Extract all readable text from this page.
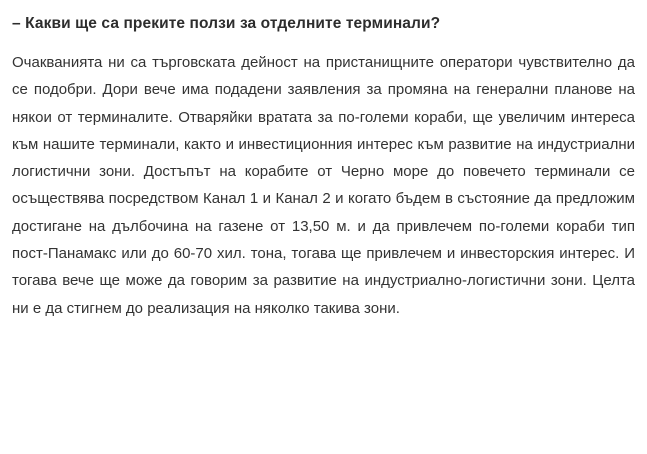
– Какви ще са преките ползи за отделните терминали?

Очакванията ни са търговската дейност на пристанищните оператори чувствително да се подобри. Дори вече има подадени заявления за промяна на генерални планове на някои от терминалите. Отваряйки вратата за по-големи кораби, ще увеличим интереса към нашите терминали, както и инвестиционния интерес към развитие на индустриални логистични зони. Достъпът на корабите от Черно море до повечето терминали се осъществява посредством Канал 1 и Канал 2 и когато бъдем в състояние да предложим достигане на дълбочина на газене от 13,50 м. и да привлечем по-големи кораби тип пост-Панамакс или до 60-70 хил. тона, тогава ще привлечем и инвесторския интерес. И тогава вече ще може да говорим за развитие на индустриално-логистични зони. Целта ни е да стигнем до реализация на няколко такива зони.
